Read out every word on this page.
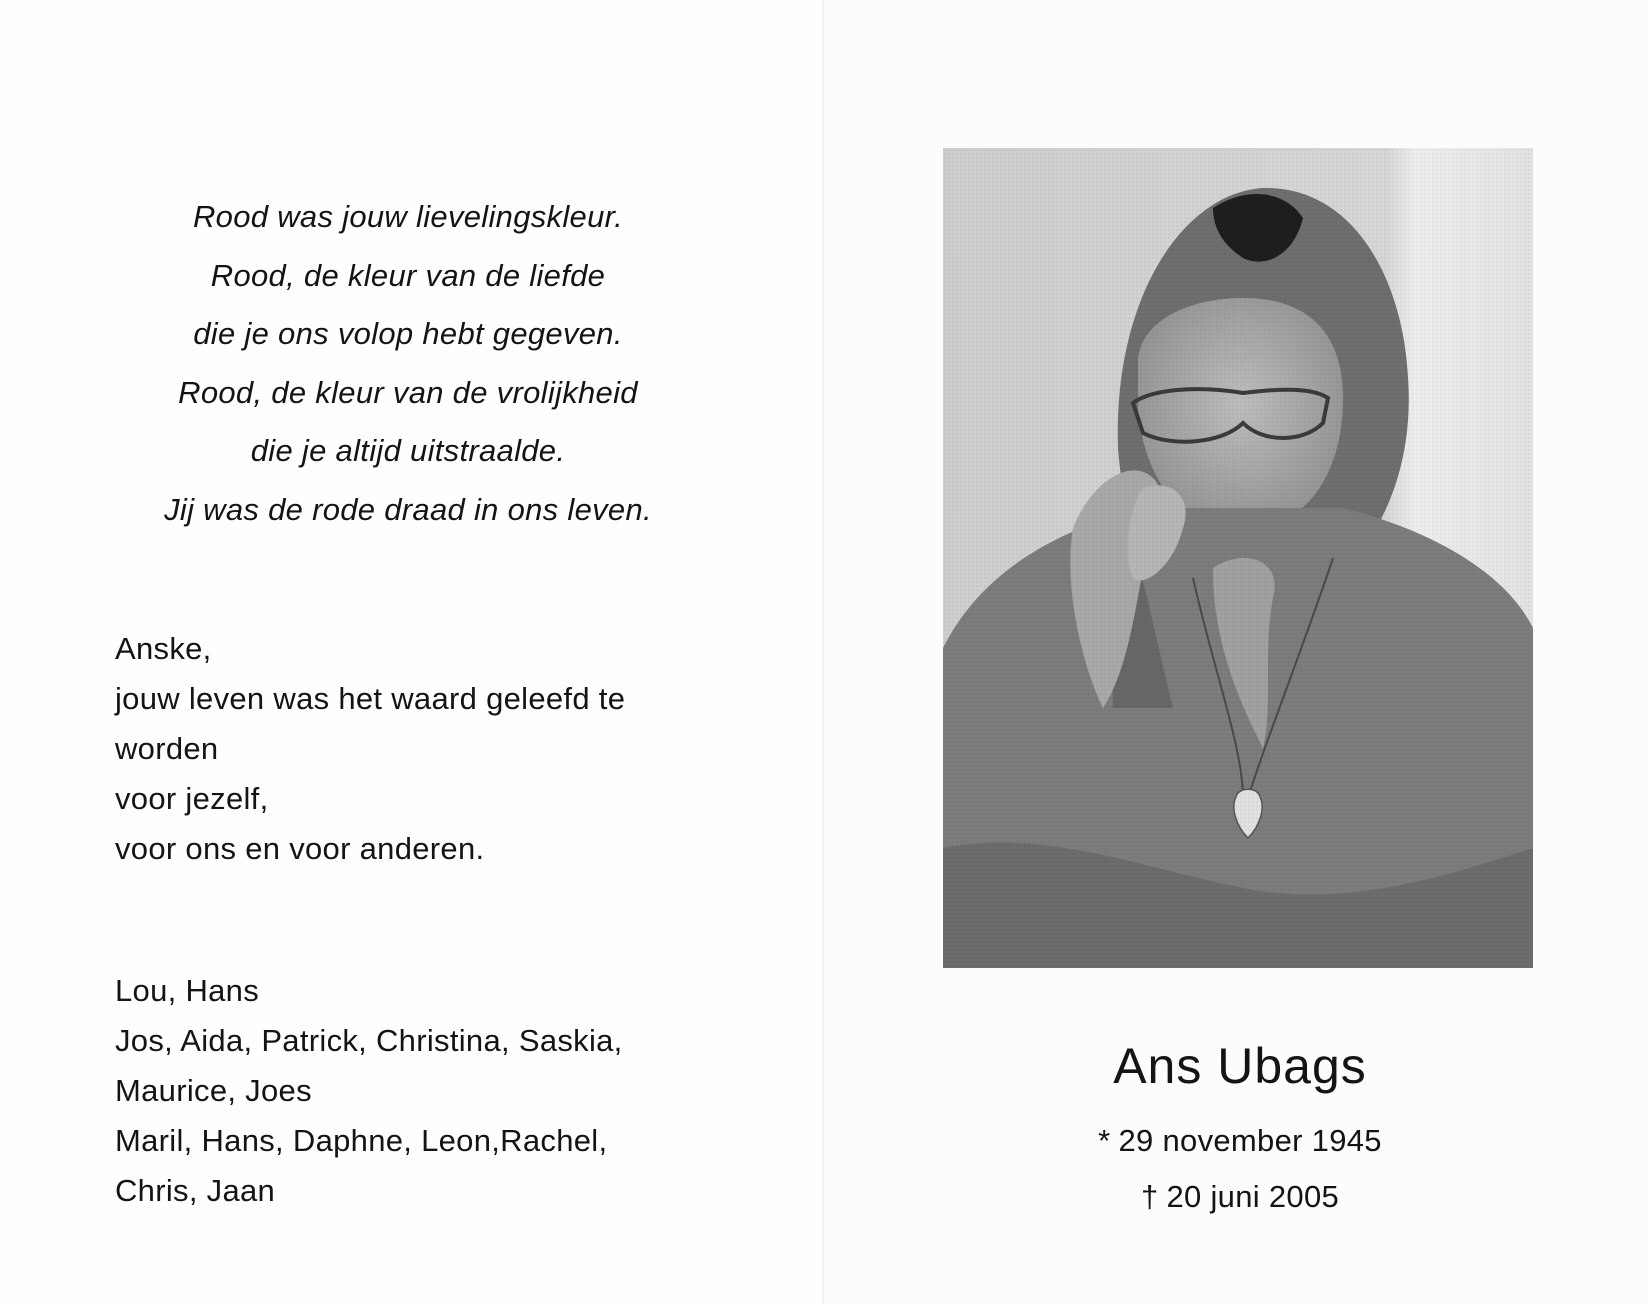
Rood was jouw lievelingskleur.
Rood, de kleur van de liefde
die je ons volop hebt gegeven.
Rood, de kleur van de vrolijkheid
die je altijd uitstraalde.
Jij was de rode draad in ons leven.
Anske,
jouw leven was het waard geleefd te
worden
voor jezelf,
voor ons en voor anderen.
Lou, Hans
Jos, Aida, Patrick, Christina, Saskia,
Maurice, Joes
Maril, Hans, Daphne, Leon,Rachel,
Chris, Jaan
Ans Ubags
* 29 november 1945
† 20 juni 2005
